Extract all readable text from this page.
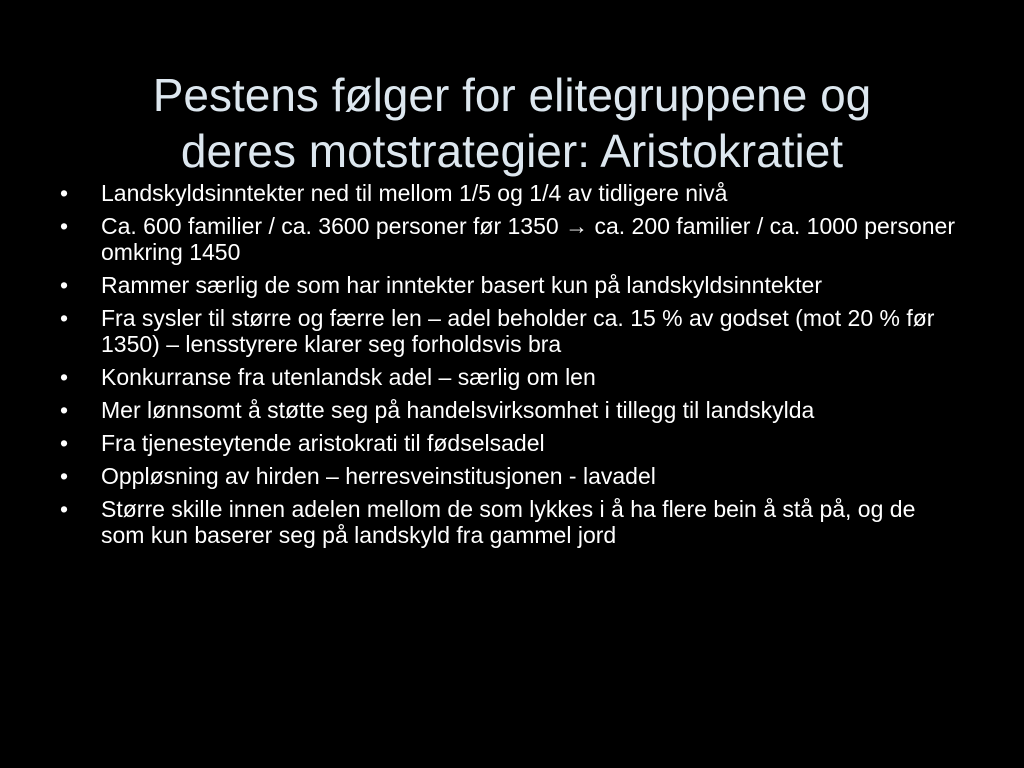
Pestens følger for elitegruppene og
deres motstrategier: Aristokratiet
• Landskyldsinntekter ned til mellom 1/5 og 1/4 av tidligere nivå
• Ca. 600 familier / ca. 3600 personer før 1350 → ca. 200 familier / ca. 1000 personer omkring 1450
• Rammer særlig de som har inntekter basert kun på landskyldsinntekter
• Fra sysler til større og færre len – adel beholder ca. 15 % av godset (mot 20 % før 1350) – lensstyrere klarer seg forholdsvis bra
• Konkurranse fra utenlandsk adel – særlig om len
• Mer lønnsomt å støtte seg på handelsvirksomhet i tillegg til landskylda
• Fra tjenesteytende aristokrati til fødselsadel
• Oppløsning av hirden – herresveinstitusjonen - lavadel
• Større skille innen adelen mellom de som lykkes i å ha flere bein å stå på, og de som kun baserer seg på landskyld fra gammel jord
